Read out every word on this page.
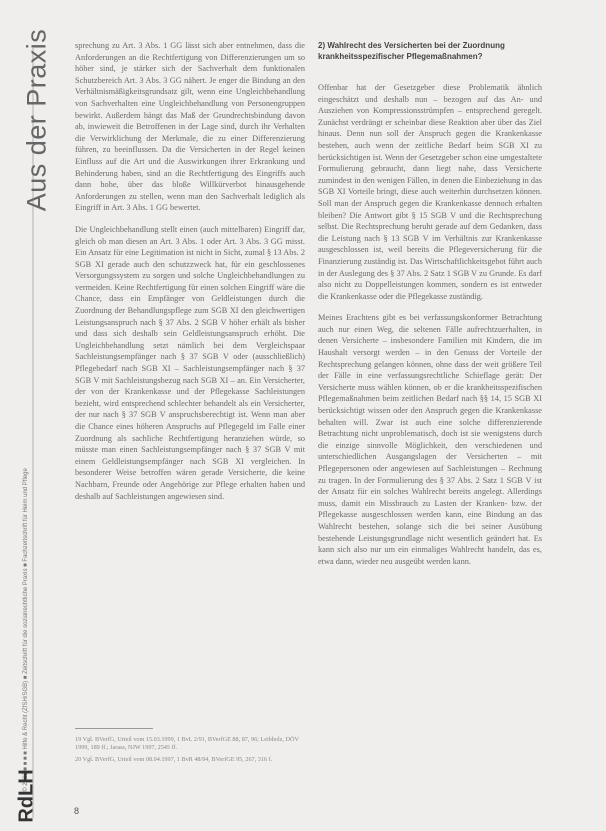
Aus der Praxis
© 2008 ■ ■ ■ ■ Hilfe & Recht (ZfSH/SGB) ■ Zeitschrift für die sozialrechtliche Praxis ■ Fachzeitschrift für Heim und Pflege
RdLH

sprechung zu Art. 3 Abs. 1 GG lässt sich aber entnehmen, dass die Anforderungen an die Rechtfertigung von Differenzierungen um so höher sind, je stärker sich der Sachverhalt dem funktionalen Schutzbereich Art. 3 Abs. 3 GG nähert. Je enger die Bindung an den Verhältnismäßigkeitsgrundsatz gilt, wenn eine Ungleichbehandlung von Sachverhalten eine Ungleichbehandlung von Personengruppen bewirkt. Außerdem hängt das Maß der Grundrechtsbindung davon ab, inwieweit die Betroffenen in der Lage sind, durch ihr Verhalten die Verwirklichung der Merkmale, die zu einer Differenzierung führen, zu beeinflussen. Da die Versicherten in der Regel keinen Einfluss auf die Art und die Auswirkungen ihrer Erkrankung und Behinderung haben, sind an die Rechtfertigung des Eingriffs auch dann hohe, über das bloße Willkürverbot hinausgehende Anforderungen zu stellen, wenn man den Sachverhalt lediglich als Eingriff in Art. 3 Abs. 1 GG bewertet.

Die Ungleichbehandlung stellt einen (auch mittelbaren) Eingriff dar, gleich ob man diesen an Art. 3 Abs. 1 oder Art. 3 Abs. 3 GG misst. Ein Ansatz für eine Legitimation ist nicht in Sicht, zumal § 13 Abs. 2 SGB XI gerade auch den schutzzweck hat, für ein geschlossenes Versorgungssystem zu sorgen und solche Ungleichbehandlungen zu vermeiden. Keine Rechtfertigung für einen solchen Eingriff wäre die Chance, dass ein Empfänger von Geldleistungen durch die Zuordnung der Behandlungspflege zum SGB XI den gleichwertigen Leistungsanspruch nach § 37 Abs. 2 SGB V höher erhält als bisher und dass sich deshalb sein Geldleistungsanspruch erhöht. Die Ungleichbehandlung setzt nämlich bei dem Vergleichspaar Sachleistungsempfänger nach § 37 SGB V oder (ausschließlich) Pflegebedarf nach SGB XI – Sachleistungsempfänger nach § 37 SGB V mit Sachleistungsbezug nach SGB XI – an. Ein Versicherter, der von der Krankenkasse und der Pflegekasse Sachleistungen bezieht, wird entsprechend schlechter behandelt als ein Versicherter, der nur nach § 37 SGB V anspruchsberechtigt ist. Wenn man aber die Chance eines höheren Anspruchs auf Pflegegeld im Falle einer Zuordnung als sachliche Rechtfertigung heranziehen würde, so müsste man einen Sachleistungsempfänger nach § 37 SGB V mit einem Geldleistungsempfänger nach SGB XI vergleichen. In besonderer Weise betroffen wären gerade Versicherte, die keine Nachbarn, Freunde oder Angehörige zur Pflege erhalten haben und deshalb auf Sachleistungen angewiesen sind.

2) Wahlrecht des Versicherten bei der Zuordnung krankheitsspezifischer Pflegemaßnahmen?

Offenbar hat der Gesetzgeber diese Problematik ähnlich eingeschätzt und deshalb nun – bezogen auf das An- und Ausziehen von Kompressionsstrümpfen – entsprechend geregelt. Zunächst verdrängt er scheinbar diese Reaktion aber über das Ziel hinaus. Denn nun soll der Anspruch gegen die Krankenkasse bestehen, auch wenn der zeitliche Bedarf beim SGB XI zu berücksichtigen ist. Wenn der Gesetzgeber schon eine umgestaltete Formulierung gebraucht, dann liegt nahe, dass Versicherte zumindest in den wenigen Fällen, in denen die Einbeziehung in das SGB XI Vorteile bringt, diese auch weiterhin durchsetzen können. Soll man der Anspruch gegen die Krankenkasse dennoch erhalten bleiben? Die Antwort gibt § 15 SGB V und die Rechtsprechung selbst. Die Rechtsprechung beruht gerade auf dem Gedanken, dass die Leistung nach § 13 SGB V im Verhältnis zur Krankenkasse ausgeschlossen ist, weil bereits die Pflegeversicherung für die Finanzierung zuständig ist. Das Wirtschaftlichkeitsgebot führt auch in der Auslegung des § 37 Abs. 2 Satz 1 SGB V zu Grunde. Es darf also nicht zu Doppelleistungen kommen, sondern es ist entweder die Krankenkasse oder die Pflegekasse zuständig.

Meines Erachtens gibt es bei verfassungskonformer Betrachtung auch nur einen Weg, die seltenen Fälle aufrechtzuerhalten, in denen Versicherte – insbesondere Familien mit Kindern, die im Haushalt versorgt werden – in den Genuss der Vorteile der Rechtsprechung gelangen können, ohne dass der weit größere Teil der Fälle in eine verfassungsrechtliche Schieflage gerät: Der Versicherte muss wählen können, ob er die krankheitsspezifischen Pflegemaßnahmen beim zeitlichen Bedarf nach §§ 14, 15 SGB XI berücksichtigt wissen oder den Anspruch gegen die Krankenkasse behalten will. Zwar ist auch eine solche differenzierende Betrachtung nicht unproblematisch, doch ist sie wenigstens durch die einzige sinnvolle Möglichkeit, den verschiedenen und unterschiedlichen Ausgangslagen der Versicherten – mit Pflegepersonen oder angewiesen auf Sachleistungen – Rechnung zu tragen. In der Formulierung des § 37 Abs. 2 Satz 1 SGB V ist der Ansatz für ein solches Wahlrecht bereits angelegt. Allerdings muss, damit ein Missbrauch zu Lasten der Kranken- bzw. der Pflegekasse ausgeschlossen werden kann, eine Bindung an das Wahlrecht bestehen, solange sich die bei seiner Ausübung bestehende Leistungsgrundlage nicht wesentlich geändert hat. Es kann sich also nur um ein einmaliges Wahlrecht handeln, das es, etwa dann, wieder neu ausgeübt werden kann.

19 Vgl. BVerfG, Urteil vom 15.03.1999, 1 BvL 2/91, BVerfGE 88, 87, 96; Leibholz, DÖV 1999, 189 ff.; Jarass, NJW 1997, 2545 ff.
20 Vgl. BVerfG, Urteil vom 08.04.1997, 1 BvR 48/94, BVerfGE 95, 267, 316 f.
8
